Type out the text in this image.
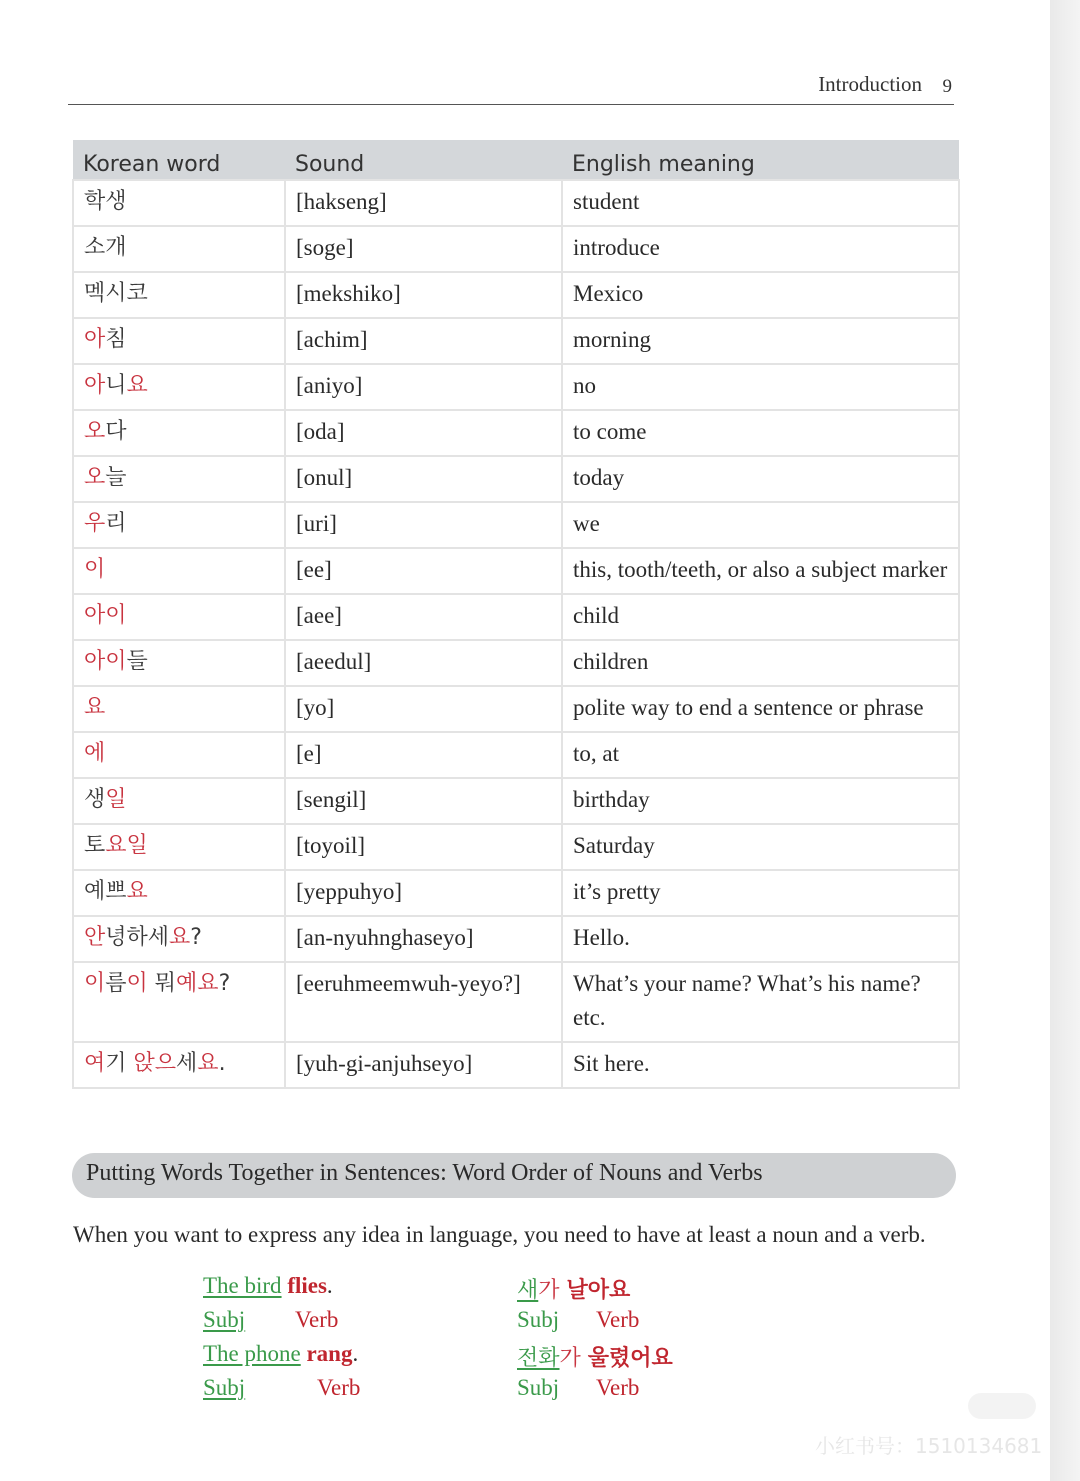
Introduction 9
Korean word	Sound	English meaning
학생	[hakseng]	student
소개	[soge]	introduce
멕시코	[mekshiko]	Mexico
아침	[achim]	morning
아니요	[aniyo]	no
오다	[oda]	to come
오늘	[onul]	today
우리	[uri]	we
이	[ee]	this, tooth/teeth, or also a subject marker
아이	[aee]	child
아이들	[aeedul]	children
요	[yo]	polite way to end a sentence or phrase
에	[e]	to, at
생일	[sengil]	birthday
토요일	[toyoil]	Saturday
예쁘요	[yeppuhyo]	it’s pretty
안녕하세요?	[an-nyuhnghaseyo]	Hello.
이름이 뭐예요?	[eeruhmeemwuh-yeyo?]	What’s your name? What’s his name? etc.
여기 앉으세요.	[yuh-gi-anjuhseyo]	Sit here.
Putting Words Together in Sentences: Word Order of Nouns and Verbs
When you want to express any idea in language, you need to have at least a noun and a verb.
The bird flies.
Subj Verb
The phone rang.
Subj	Verb
새가 날아요
Subj Verb
전화가 울렸어요
Subj Verb
小红书号：1510134681
